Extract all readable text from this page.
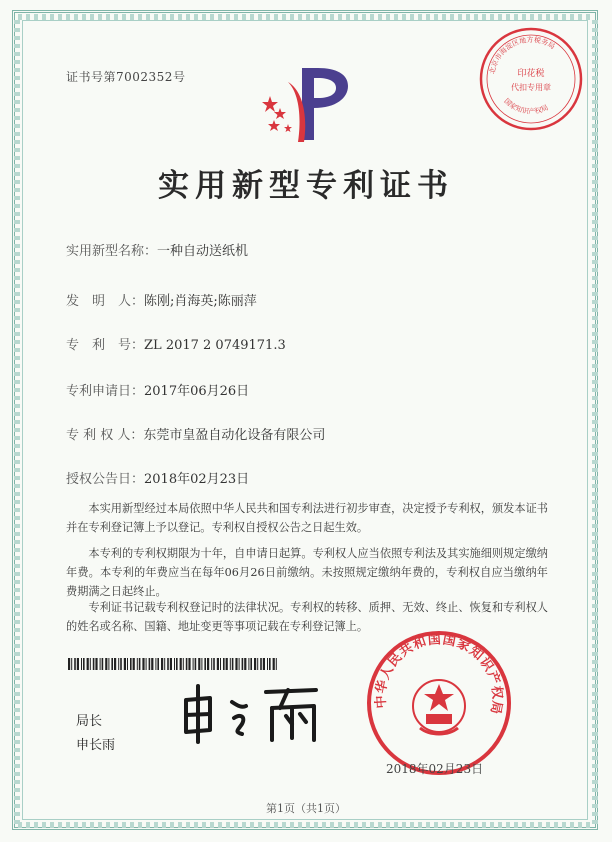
证书号第7002352号	印花税
代扣专用章
北京市海淀区地方税务局
国家知识产权局
实用新型专利证书
实用新型名称：一种自动送纸机
发　明　人：陈刚;肖海英;陈丽萍
专　利　号：ZL 2017 2 0749171.3
专利申请日：2017年06月26日
专 利 权 人：东莞市皇盈自动化设备有限公司
授权公告日：2018年02月23日
本实用新型经过本局依照中华人民共和国专利法进行初步审查，决定授予专利权，颁发本证书并在专利登记簿上予以登记。专利权自授权公告之日起生效。
本专利的专利权期限为十年，自申请日起算。专利权人应当依照专利法及其实施细则规定缴纳年费。本专利的年费应当在每年06月26日前缴纳。未按照规定缴纳年费的，专利权自应当缴纳年费期满之日起终止。
专利证书记载专利权登记时的法律状况。专利权的转移、质押、无效、终止、恢复和专利权人的姓名或名称、国籍、地址变更等事项记载在专利登记簿上。
局长
申长雨
中华人民共和国国家知识产权局
2018年02月23日
第1页（共1页）
